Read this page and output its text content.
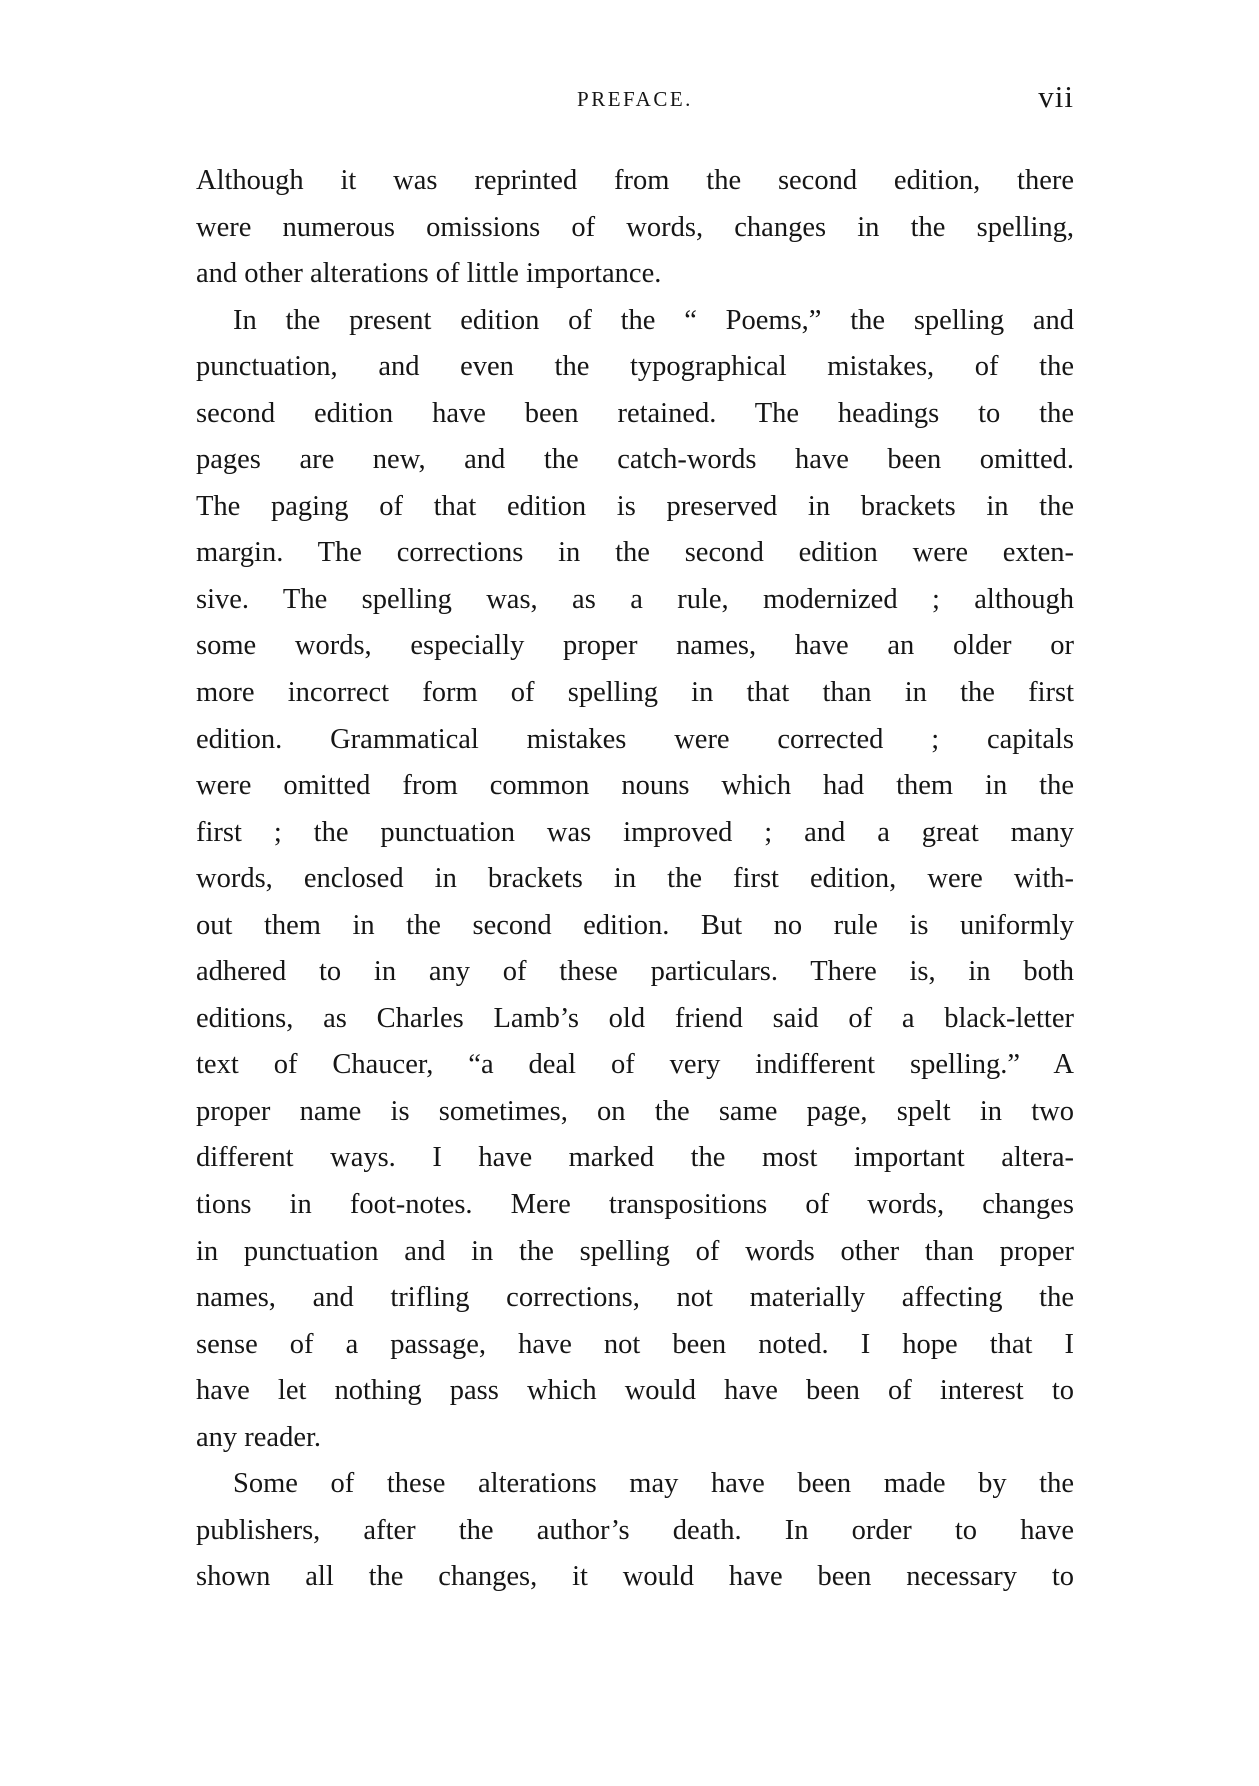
PREFACE.	vii
Although it was reprinted from the second edition, there
were numerous omissions of words, changes in the spelling,
and other alterations of little importance.
In the present edition of the “ Poems,” the spelling and
punctuation, and even the typographical mistakes, of the
second edition have been retained. The headings to the
pages are new, and the catch-words have been omitted.
The paging of that edition is preserved in brackets in the
margin. The corrections in the second edition were exten-
sive. The spelling was, as a rule, modernized ; although
some words, especially proper names, have an older or
more incorrect form of spelling in that than in the first
edition. Grammatical mistakes were corrected ; capitals
were omitted from common nouns which had them in the
first ; the punctuation was improved ; and a great many
words, enclosed in brackets in the first edition, were with-
out them in the second edition. But no rule is uniformly
adhered to in any of these particulars. There is, in both
editions, as Charles Lamb’s old friend said of a black-letter
text of Chaucer, “a deal of very indifferent spelling.” A
proper name is sometimes, on the same page, spelt in two
different ways. I have marked the most important altera-
tions in foot-notes. Mere transpositions of words, changes
in punctuation and in the spelling of words other than proper
names, and trifling corrections, not materially affecting the
sense of a passage, have not been noted. I hope that I
have let nothing pass which would have been of interest to
any reader.
Some of these alterations may have been made by the
publishers, after the author’s death. In order to have
shown all the changes, it would have been necessary to
